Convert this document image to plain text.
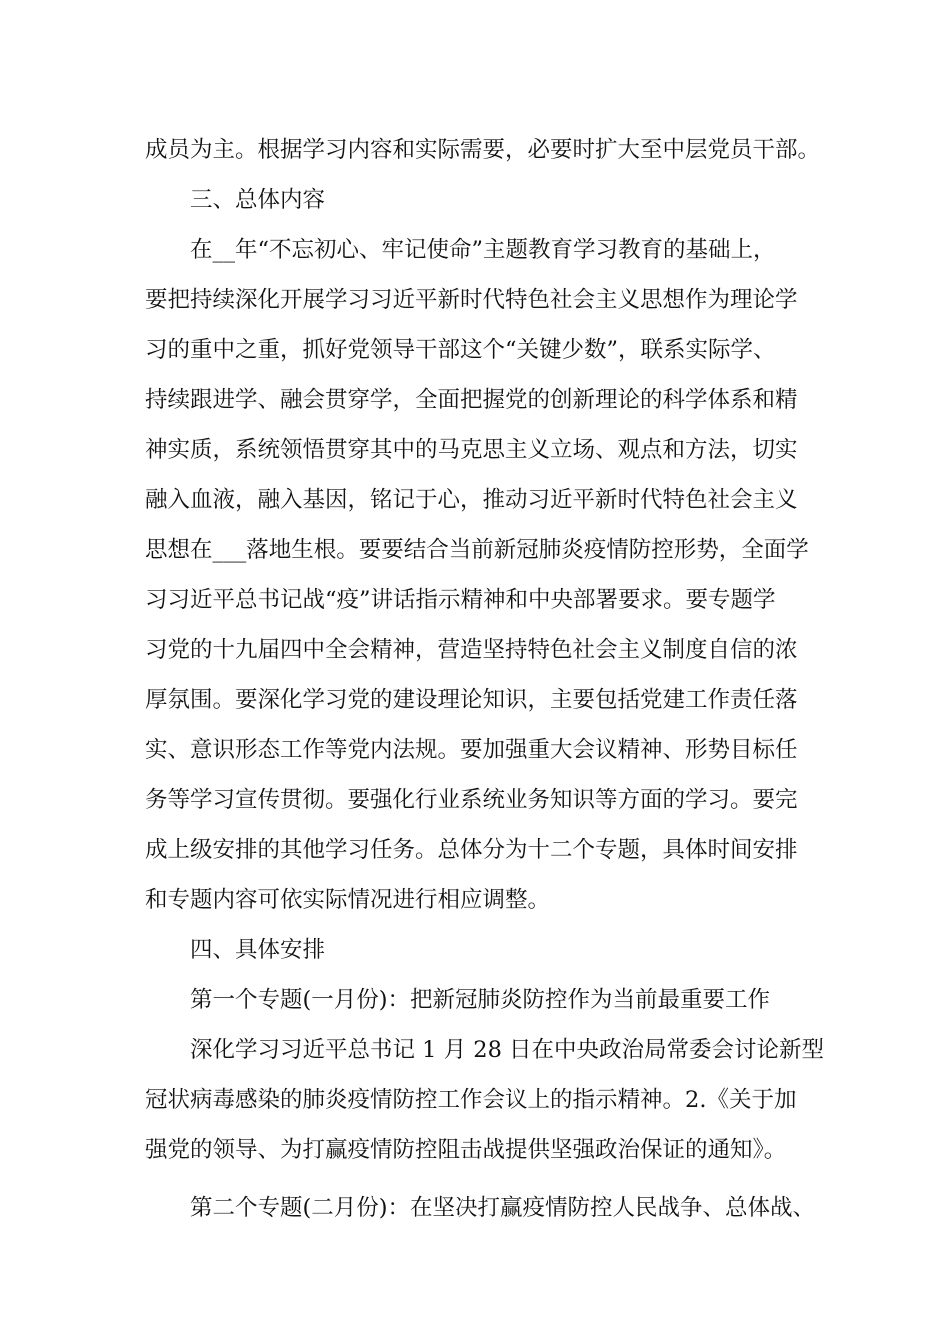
成员为主。根据学习内容和实际需要，必要时扩大至中层党员干部。
三、总体内容
在__年“不忘初心、牢记使命”主题教育学习教育的基础上，
要把持续深化开展学习习近平新时代特色社会主义思想作为理论学
习的重中之重，抓好党领导干部这个“关键少数”，联系实际学、
持续跟进学、融会贯穿学，全面把握党的创新理论的科学体系和精
神实质，系统领悟贯穿其中的马克思主义立场、观点和方法，切实
融入血液，融入基因，铭记于心，推动习近平新时代特色社会主义
思想在___落地生根。要要结合当前新冠肺炎疫情防控形势，全面学
习习近平总书记战“疫”讲话指示精神和中央部署要求。要专题学
习党的十九届四中全会精神，营造坚持特色社会主义制度自信的浓
厚氛围。要深化学习党的建设理论知识，主要包括党建工作责任落
实、意识形态工作等党内法规。要加强重大会议精神、形势目标任
务等学习宣传贯彻。要强化行业系统业务知识等方面的学习。要完
成上级安排的其他学习任务。总体分为十二个专题，具体时间安排
和专题内容可依实际情况进行相应调整。
四、具体安排
第一个专题(一月份)：把新冠肺炎防控作为当前最重要工作
深化学习习近平总书记 1 月 28 日在中央政治局常委会讨论新型
冠状病毒感染的肺炎疫情防控工作会议上的指示精神。2.《关于加
强党的领导、为打赢疫情防控阻击战提供坚强政治保证的通知》。
第二个专题(二月份)：在坚决打赢疫情防控人民战争、总体战、
